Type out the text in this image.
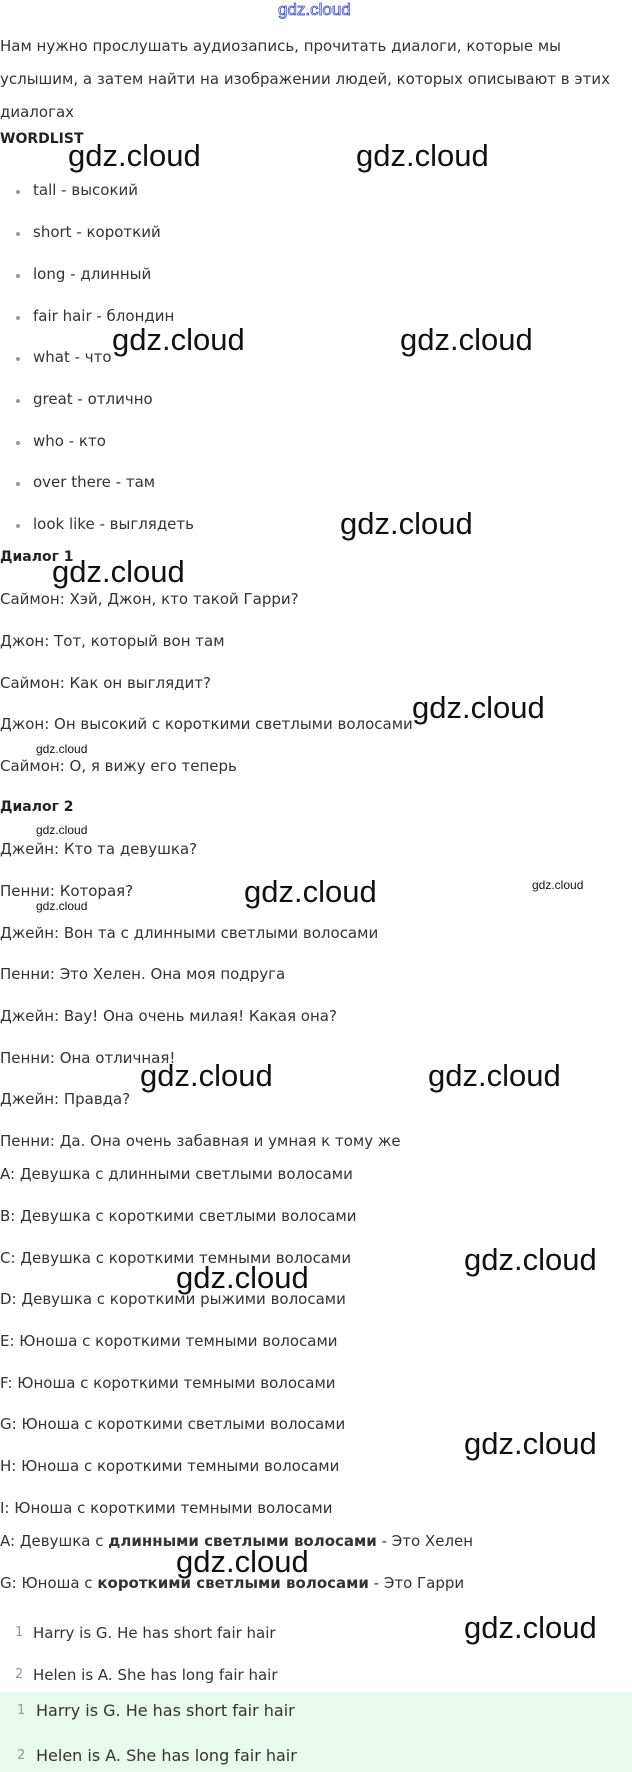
gdz.cloud
Нам нужно прослушать аудиозапись, прочитать диалоги, которые мы услышим, а затем найти на изображении людей, которых описывают в этих диалогах
WORDLIST
tall - высокий
short - короткий
long - длинный
fair hair - блондин
what - что
great - отлично
who - кто
over there - там
look like - выглядеть
Диалог 1
Саймон: Хэй, Джон, кто такой Гарри?
Джон: Тот, который вон там
Саймон: Как он выглядит?
Джон: Он высокий с короткими светлыми волосами
Саймон: О, я вижу его теперь
Диалог 2
Джейн: Кто та девушка?
Пенни: Которая?
Джейн: Вон та с длинными светлыми волосами
Пенни: Это Хелен. Она моя подруга
Джейн: Вау! Она очень милая! Какая она?
Пенни: Она отличная!
Джейн: Правда?
Пенни: Да. Она очень забавная и умная к тому же
A: Девушка с длинными светлыми волосами
B: Девушка с короткими светлыми волосами
C: Девушка с короткими темными волосами
D: Девушка с короткими рыжими волосами
E: Юноша с короткими темными волосами
F: Юноша с короткими темными волосами
G: Юноша с короткими светлыми волосами
H: Юноша с короткими темными волосами
I: Юноша с короткими темными волосами
A: Девушка с длинными светлыми волосами - Это Хелен
G: Юноша с короткими светлыми волосами - Это Гарри
1 Harry is G. He has short fair hair
2 Helen is A. She has long fair hair
1 Harry is G. He has short fair hair
2 Helen is A. She has long fair hair
gdz.cloud	gdz.cloud
gdz.cloud	gdz.cloud
gdz.cloud
gdz.cloud
gdz.cloud
gdz.cloud
gdz.cloud
gdz.cloud	gdz.cloud
gdz.cloud
gdz.cloud	gdz.cloud
gdz.cloud
gdz.cloud
gdz.cloud
gdz.cloud
gdz.cloud
